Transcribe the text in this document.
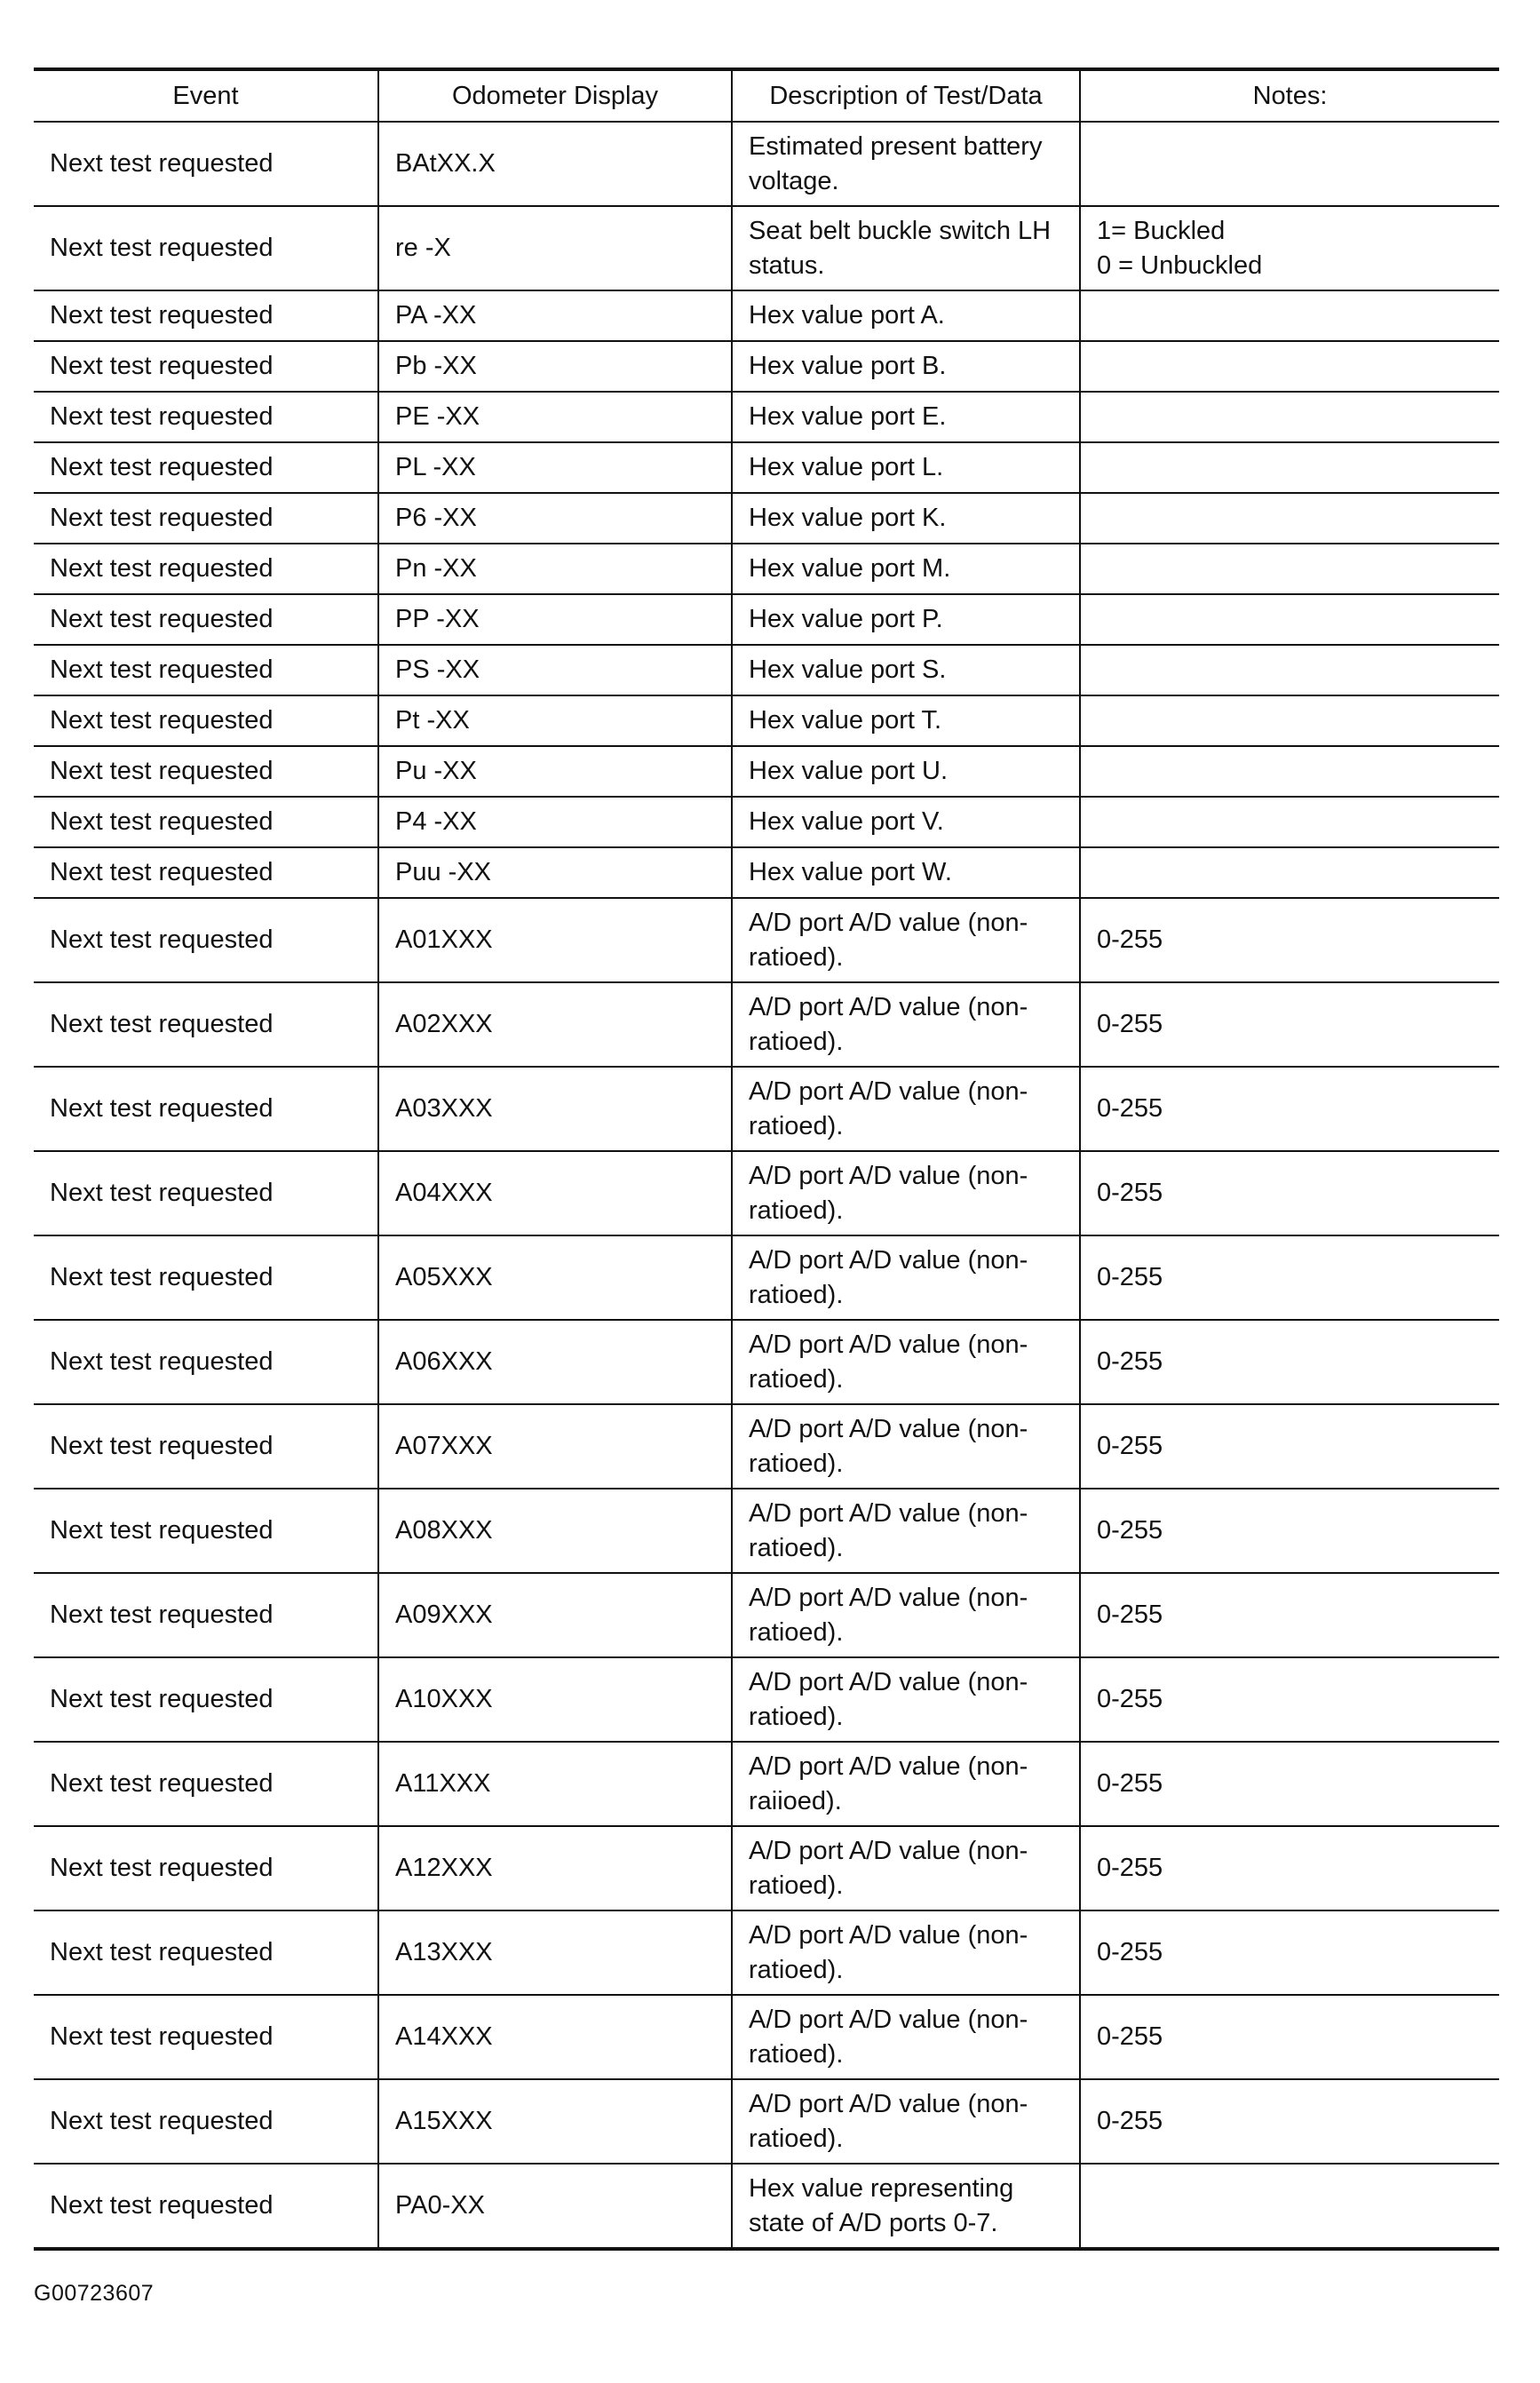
Event	Odometer Display	Description of Test/Data	Notes:
Next test requested	BAtXX.X	Estimated present battery voltage.	
Next test requested	re -X	Seat belt buckle switch LH status.	1= Buckled
0 = Unbuckled

Next test requested	PA -XX	Hex value port A.	
Next test requested	Pb -XX	Hex value port B.	
Next test requested	PE -XX	Hex value port E.	
Next test requested	PL -XX	Hex value port L.	
Next test requested	P6 -XX	Hex value port K.	
Next test requested	Pn -XX	Hex value port M.	
Next test requested	PP -XX	Hex value port P.	
Next test requested	PS -XX	Hex value port S.	
Next test requested	Pt -XX	Hex value port T.	
Next test requested	Pu -XX	Hex value port U.	
Next test requested	P4 -XX	Hex value port V.	
Next test requested	Puu -XX	Hex value port W.	
Next test requested	A01XXX	A/D port A/D value (non-ratioed).	0-255

Next test requested	A02XXX	A/D port A/D value (non-ratioed).	0-255

Next test requested	A03XXX	A/D port A/D value (non-ratioed).	0-255

Next test requested	A04XXX	A/D port A/D value (non-ratioed).	0-255

Next test requested	A05XXX	A/D port A/D value (non-ratioed).	0-255

Next test requested	A06XXX	A/D port A/D value (non-ratioed).	0-255

Next test requested	A07XXX	A/D port A/D value (non-ratioed).	0-255

Next test requested	A08XXX	A/D port A/D value (non-ratioed).	0-255

Next test requested	A09XXX	A/D port A/D value (non-ratioed).	0-255

Next test requested	A10XXX	A/D port A/D value (non-ratioed).	0-255

Next test requested	A11XXX	A/D port A/D value (non-raiioed).	0-255

Next test requested	A12XXX	A/D port A/D value (non-ratioed).	0-255

Next test requested	A13XXX	A/D port A/D value (non-ratioed).	0-255

Next test requested	A14XXX	A/D port A/D value (non-ratioed).	0-255

Next test requested	A15XXX	A/D port A/D value (non-ratioed).	0-255

Next test requested	PA0-XX	Hex value representing state of A/D ports 0-7.	
G00723607
